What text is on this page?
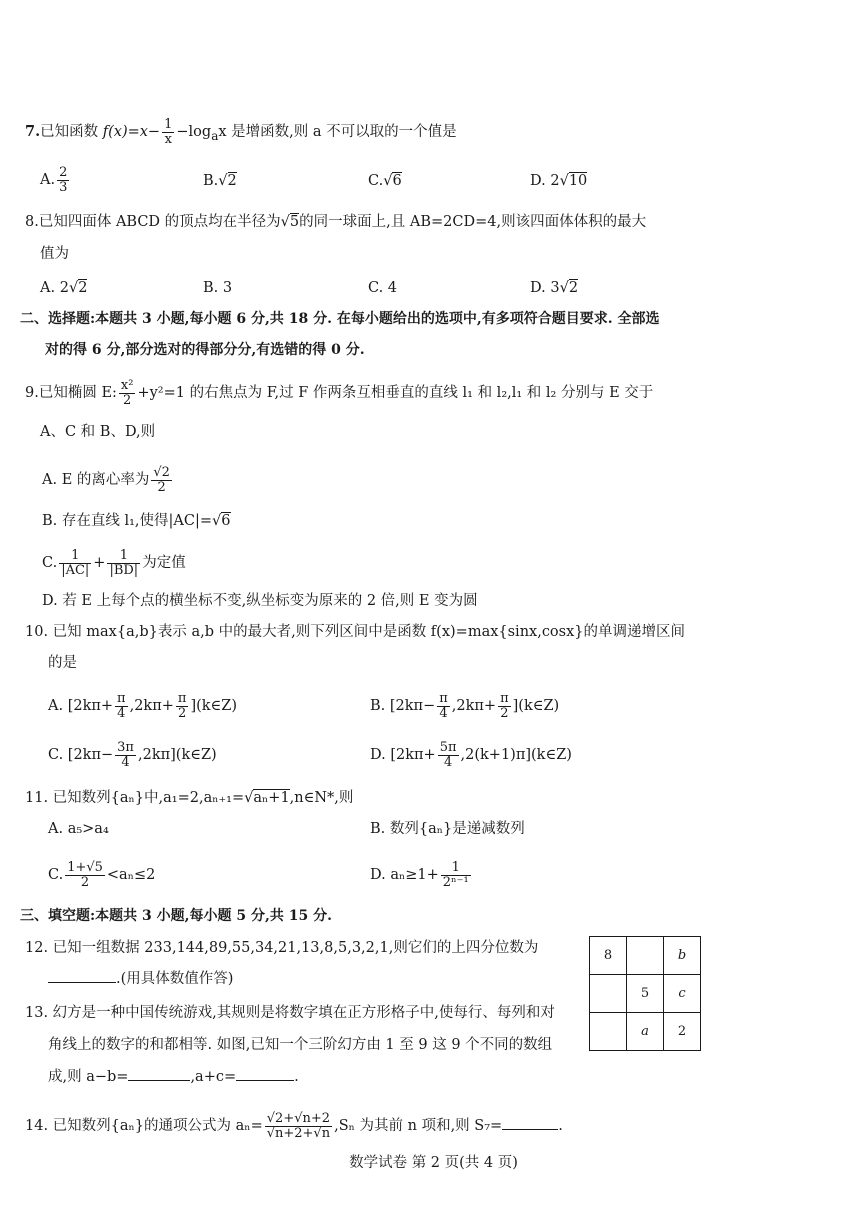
7.已知函数 $f(x)=x- \frac{1}{x} -\log_ax$ 是增函数,则 a 不可以取的一个值是
A. $\frac{2}{3}$	B.√2	C.√6	D. 2√10
8.已知四面体 ABCD 的顶点均在半径为√5的同一球面上,且 AB=2CD=4,则该四面体体积的最大
值为
A. 2√2	B. 3	C. 4	D. 3√2
二、选择题:本题共 3 小题,每小题 6 分,共 18 分. 在每小题给出的选项中,有多项符合题目要求. 全部选
对的得 6 分,部分选对的得部分分,有选错的得 0 分.
9.已知椭圆 E: $\frac{\text{x²}}{2} +y^2=1$ 的右焦点为 F,过 F 作两条互相垂直的直线 l₁ 和 l₂,l₁ 和 l₂ 分别与 E 交于
A、C 和 B、D,则
A. E 的离心率为 $\frac{√2}{2}$
B. 存在直线 l₁,使得|AC|=√6
C. $\frac{1}{|AC|} + \frac{1}{|BD|}$ 为定值
D. 若 E 上每个点的横坐标不变,纵坐标变为原来的 2 倍,则 E 变为圆
10. 已知 max{a,b}表示 a,b 中的最大者,则下列区间中是函数 f(x)=max{sinx,cosx}的单调递增区间
的是
A. [$2k\pi+ \frac{\pi}{4} ,2k\pi+ \frac{\pi}{2}$ ](k∈Z)	B. [$2k\pi- \frac{\pi}{4} ,2k\pi+ \frac{\pi}{2}$ ](k∈Z)
C. [$2k\pi- \frac{3\pi}{4}$ ,2kπ](k∈Z)	D. [$2k\pi+ \frac{5\pi}{4}$ ,2(k+1)π](k∈Z)
11. 已知数列{aₙ}中,a₁=2,aₙ₊₁=√aₙ+1,n∈N*,则
A. a₅>a₄	B. 数列{aₙ}是递减数列
C. $\frac{1+√5}{2} <a_n\le 2$	D. $a_n\ge 1+ \frac{1}{\text{2ⁿ⁻¹}}$
三、填空题:本题共 3 小题,每小题 5 分,共 15 分.
12. 已知一组数据 233,144,89,55,34,21,13,8,5,3,2,1,则它们的上四分位数为
.(用具体数值作答)
13. 幻方是一种中国传统游戏,其规则是将数字填在正方形格子中,使每行、每列和对
角线上的数字的和都相等. 如图,已知一个三阶幻方由 1 至 9 这 9 个不同的数组
成,则 a−b=	,a+c=	.
8		b
	5	c
	a	2
14. 已知数列{aₙ}的通项公式为 $a_n= \frac{√2+√n+2}{√n+2+√n} ,S_n$ 为其前 n 项和,则 S₇=	.
数学试卷 第 2 页(共 4 页)
